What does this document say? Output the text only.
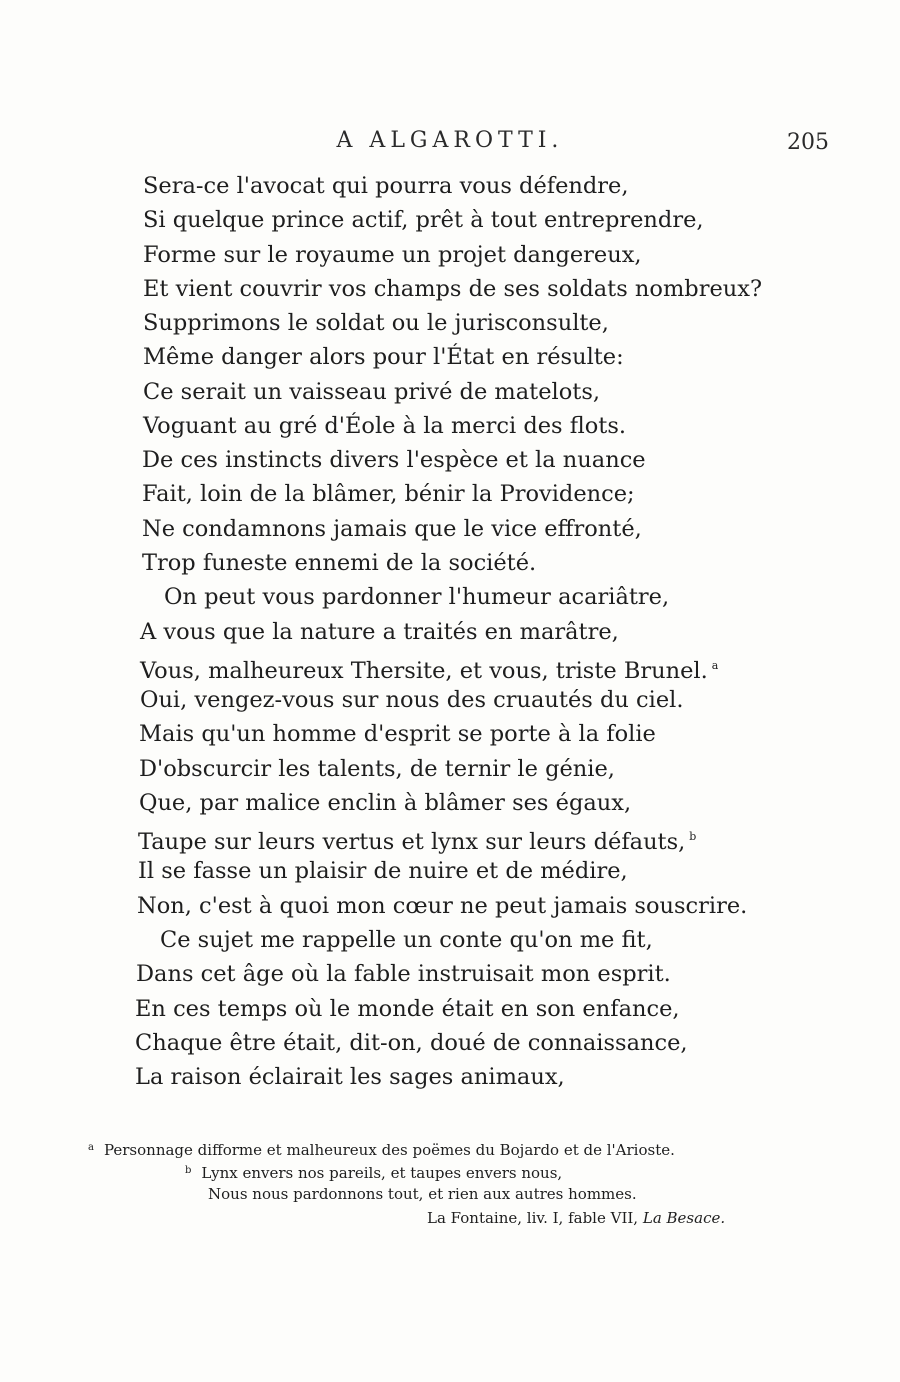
A ALGAROTTI.	205
Sera-ce l'avocat qui pourra vous défendre,
Si quelque prince actif, prêt à tout entreprendre,
Forme sur le royaume un projet dangereux,
Et vient couvrir vos champs de ses soldats nombreux?
Supprimons le soldat ou le jurisconsulte,
Même danger alors pour l'État en résulte:
Ce serait un vaisseau privé de matelots,
Voguant au gré d'Éole à la merci des flots.
De ces instincts divers l'espèce et la nuance
Fait, loin de la blâmer, bénir la Providence;
Ne condamnons jamais que le vice effronté,
Trop funeste ennemi de la société.
On peut vous pardonner l'humeur acariâtre,
A vous que la nature a traités en marâtre,
Vous, malheureux Thersite, et vous, triste Brunel. $^a$
Oui, vengez-vous sur nous des cruautés du ciel.
Mais qu'un homme d'esprit se porte à la folie
D'obscurcir les talents, de ternir le génie,
Que, par malice enclin à blâmer ses égaux,
Taupe sur leurs vertus et lynx sur leurs défauts, $^b$
Il se fasse un plaisir de nuire et de médire,
Non, c'est à quoi mon cœur ne peut jamais souscrire.
Ce sujet me rappelle un conte qu'on me fit,
Dans cet âge où la fable instruisait mon esprit.
En ces temps où le monde était en son enfance,
Chaque être était, dit-on, doué de connaissance,
La raison éclairait les sages animaux,
$^a$ Personnage difforme et malheureux des poëmes du Bojardo et de l'Arioste.
$^b$ Lynx envers nos pareils, et taupes envers nous,
Nous nous pardonnons tout, et rien aux autres hommes.
La Fontaine, liv. I, fable VII, La Besace.
